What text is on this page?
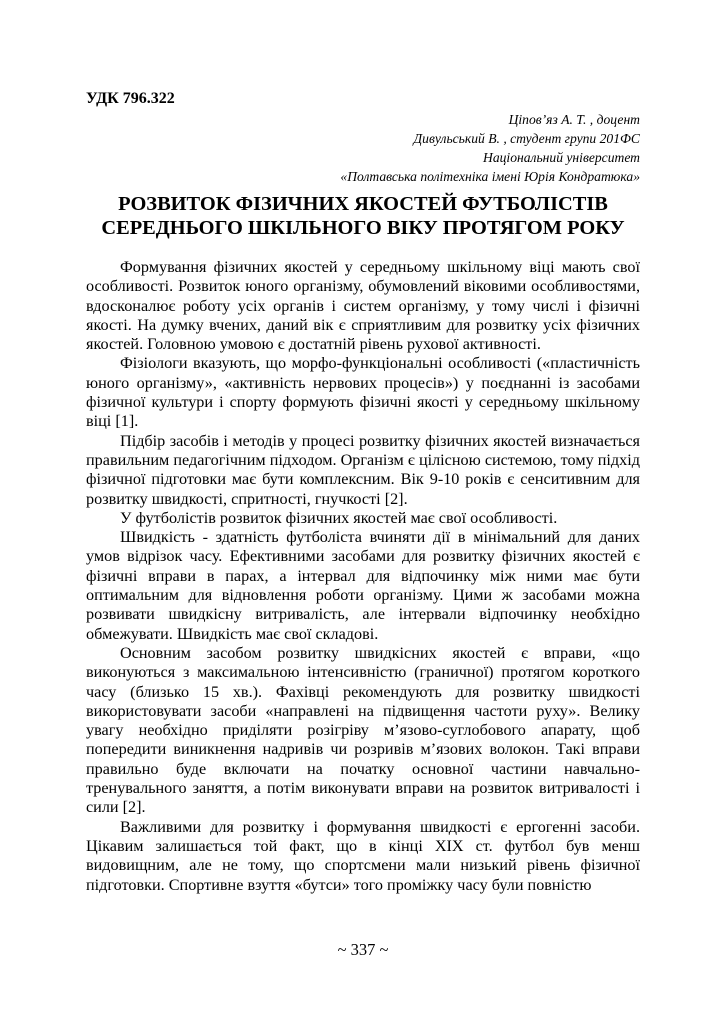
УДК 796.322
Ціпов’яз А. Т. , доцент
Дивульський В. , студент групи 201ФС
Національний університет
«Полтавська політехніка імені Юрія Кондратюка»
РОЗВИТОК ФІЗИЧНИХ ЯКОСТЕЙ ФУТБОЛІСТІВ
СЕРЕДНЬОГО ШКІЛЬНОГО ВІКУ ПРОТЯГОМ РОКУ

Формування фізичних якостей у середньому шкільному віці мають свої особливості. Розвиток юного організму, обумовлений віковими особливостями, вдосконалює роботу усіх органів і систем організму, у тому числі і фізичні якості. На думку вчених, даний вік є сприятливим для розвитку усіх фізичних якостей. Головною умовою є достатній рівень рухової активності.

Фізіологи вказують, що морфо-функціональні особливості («пластичність юного організму», «активність нервових процесів») у поєднанні із засобами фізичної культури і спорту формують фізичні якості у середньому шкільному віці [1].

Підбір засобів і методів у процесі розвитку фізичних якостей визначається правильним педагогічним підходом. Організм є цілісною системою, тому підхід фізичної підготовки має бути комплексним. Вік 9-10 років є сенситивним для розвитку швидкості, спритності, гнучкості [2].

У футболістів розвиток фізичних якостей має свої особливості.

Швидкість - здатність футболіста вчиняти дії в мінімальний для даних умов відрізок часу. Ефективними засобами для розвитку фізичних якостей є фізичні вправи в парах, а інтервал для відпочинку між ними має бути оптимальним для відновлення роботи організму. Цими ж засобами можна розвивати швидкісну витривалість, але інтервали відпочинку необхідно обмежувати. Швидкість має свої складові.

Основним засобом розвитку швидкісних якостей є вправи, «що виконуються з максимальною інтенсивністю (граничної) протягом короткого часу (близько 15 хв.). Фахівці рекомендують для розвитку швидкості використовувати засоби «направлені на підвищення частоти руху». Велику увагу необхідно приділяти розігріву м’язово-суглобового апарату, щоб попередити виникнення надривів чи розривів м’язових волокон. Такі вправи правильно буде включати на початку основної частини навчально-тренувального заняття, а потім виконувати вправи на розвиток витривалості і сили [2].

Важливими для розвитку і формування швидкості є ергогенні засоби. Цікавим залишається той факт, що в кінці XIX ст. футбол був менш видовищним, але не тому, що спортсмени мали низький рівень фізичної підготовки. Спортивне взуття «бутси» того проміжку часу були повністю

~ 337 ~
